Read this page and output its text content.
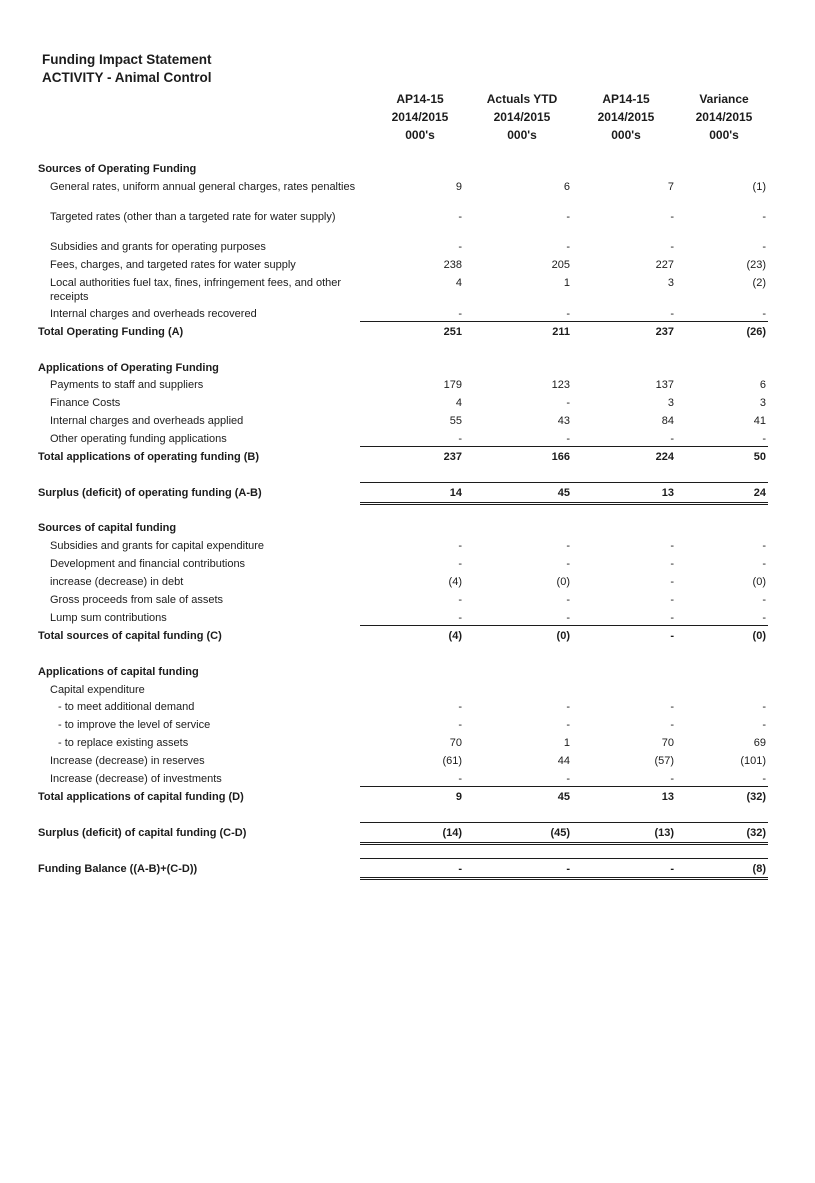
Funding Impact Statement
ACTIVITY - Animal Control
AP14-15
2014/2015
000's
Actuals YTD
2014/2015
000's
AP14-15
2014/2015
000's
Variance
2014/2015
000's
Sources of Operating Funding
General rates, uniform annual general charges, rates penalties	9	6	7	(1)
Targeted rates (other than a targeted rate for water supply)	-	-	-	-
Subsidies and grants for operating purposes	-	-	-	-
Fees, charges, and targeted rates for water supply	238	205	227	(23)
Local authorities fuel tax, fines, infringement fees, and other receipts
4	1	3	(2)
Internal charges and overheads recovered	-	-	-	-
Total Operating Funding (A)	251	211	237	(26)
Applications of Operating Funding
Payments to staff and suppliers	179	123	137	6
Finance Costs	4	-	3	3
Internal charges and overheads applied	55	43	84	41
Other operating funding applications	-	-	-	-
Total applications of operating funding (B)	237	166	224	50
Surplus (deficit) of operating funding (A-B)	14	45	13	24
Sources of capital funding
Subsidies and grants for capital expenditure	-	-	-	-
Development and financial contributions	-	-	-	-
increase (decrease) in debt	(4)	(0)	-	(0)
Gross proceeds from sale of assets	-	-	-	-
Lump sum contributions	-	-	-	-
Total sources of capital funding (C)	(4)	(0)	-	(0)
Applications of capital funding
Capital expenditure
- to meet additional demand	-	-	-	-
- to improve the level of service	-	-	-	-
- to replace existing assets	70	1	70	69
Increase (decrease) in reserves	(61)	44	(57)	(101)
Increase (decrease) of investments	-	-	-	-
Total applications of capital funding (D)	9	45	13	(32)
Surplus (deficit) of capital funding (C-D)	(14)	(45)	(13)	(32)
Funding Balance ((A-B)+(C-D))	-	-	-	(8)
